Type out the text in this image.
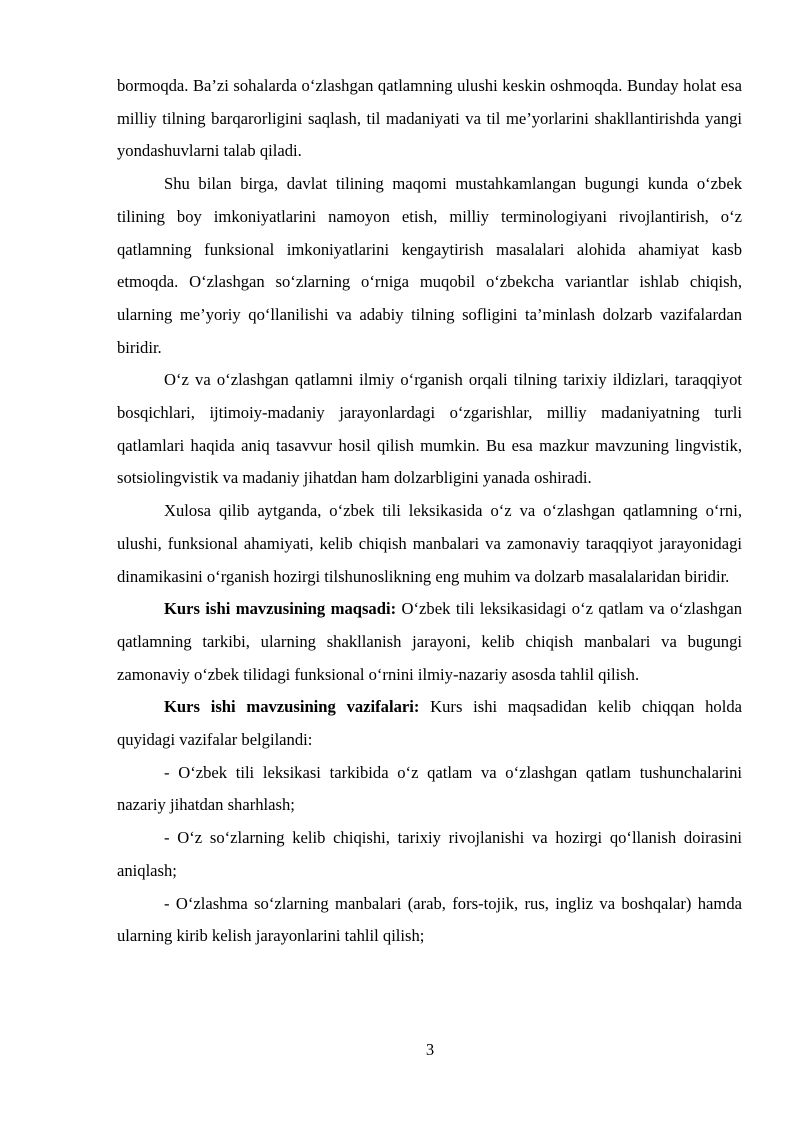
bormoqda. Ba’zi sohalarda o‘zlashgan qatlamning ulushi keskin oshmoqda. Bunday holat esa milliy tilning barqarorligini saqlash, til madaniyati va til me’yorlarini shakllantirishda yangi yondashuvlarni talab qiladi.

Shu bilan birga, davlat tilining maqomi mustahkamlangan bugungi kunda o‘zbek tilining boy imkoniyatlarini namoyon etish, milliy terminologiyani rivojlantirish, o‘z qatlamning funksional imkoniyatlarini kengaytirish masalalari alohida ahamiyat kasb etmoqda. O‘zlashgan so‘zlarning o‘rniga muqobil o‘zbekcha variantlar ishlab chiqish, ularning me’yoriy qo‘llanilishi va adabiy tilning sofligini ta’minlash dolzarb vazifalardan biridir.

O‘z va o‘zlashgan qatlamni ilmiy o‘rganish orqali tilning tarixiy ildizlari, taraqqiyot bosqichlari, ijtimoiy-madaniy jarayonlardagi o‘zgarishlar, milliy madaniyatning turli qatlamlari haqida aniq tasavvur hosil qilish mumkin. Bu esa mazkur mavzuning lingvistik, sotsiolingvistik va madaniy jihatdan ham dolzarbligini yanada oshiradi.

Xulosa qilib aytganda, o‘zbek tili leksikasida o‘z va o‘zlashgan qatlamning o‘rni, ulushi, funksional ahamiyati, kelib chiqish manbalari va zamonaviy taraqqiyot jarayonidagi dinamikasini o‘rganish hozirgi tilshunoslikning eng muhim va dolzarb masalalaridan biridir.

Kurs ishi mavzusining maqsadi: O‘zbek tili leksikasidagi o‘z qatlam va o‘zlashgan qatlamning tarkibi, ularning shakllanish jarayoni, kelib chiqish manbalari va bugungi zamonaviy o‘zbek tilidagi funksional o‘rnini ilmiy-nazariy asosda tahlil qilish.

Kurs ishi mavzusining vazifalari: Kurs ishi maqsadidan kelib chiqqan holda quyidagi vazifalar belgilandi:

- O‘zbek tili leksikasi tarkibida o‘z qatlam va o‘zlashgan qatlam tushunchalarini nazariy jihatdan sharhlash;

- O‘z so‘zlarning kelib chiqishi, tarixiy rivojlanishi va hozirgi qo‘llanish doirasini aniqlash;

- O‘zlashma so‘zlarning manbalari (arab, fors-tojik, rus, ingliz va boshqalar) hamda ularning kirib kelish jarayonlarini tahlil qilish;

3
